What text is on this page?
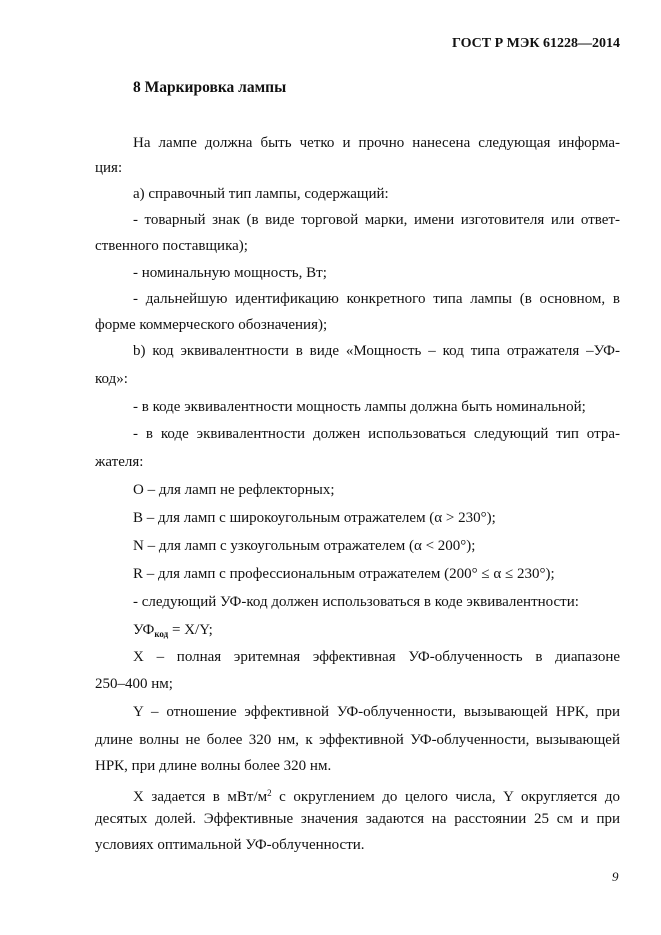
ГОСТ Р МЭК 61228—2014
8 Маркировка лампы
На лампе должна быть четко и прочно нанесена следующая информа-
ция:
а) справочный тип лампы, содержащий:
- товарный знак (в виде торговой марки, имени изготовителя или ответ-
ственного поставщика);
- номинальную мощность, Вт;
- дальнейшую идентификацию конкретного типа лампы (в основном, в
форме коммерческого обозначения);
b) код эквивалентности в виде «Мощность – код типа отражателя –УФ-
код»:
- в коде эквивалентности мощность лампы должна быть номинальной;
- в коде эквивалентности должен использоваться следующий тип отра-
жателя:
O – для ламп не рефлекторных;
B – для ламп с широкоугольным отражателем (α > 230°);
N – для ламп с узкоугольным отражателем (α < 200°);
R – для ламп с профессиональным отражателем (200° ≤ α ≤ 230°);
- следующий УФ-код должен использоваться в коде эквивалентности:
$УФ_{код} = X/Y$;
X – полная эритемная эффективная УФ-облученность в диапазоне
250–400 нм;
Y – отношение эффективной УФ-облученности, вызывающей НРК, при
длине волны не более 320 нм, к эффективной УФ-облученности, вызывающей
НРК, при длине волны более 320 нм.
X задается в мВт/$м^2$ с округлением до целого числа, Y округляется до
десятых долей. Эффективные значения задаются на расстоянии 25 см и при
условиях оптимальной УФ-облученности.
9
